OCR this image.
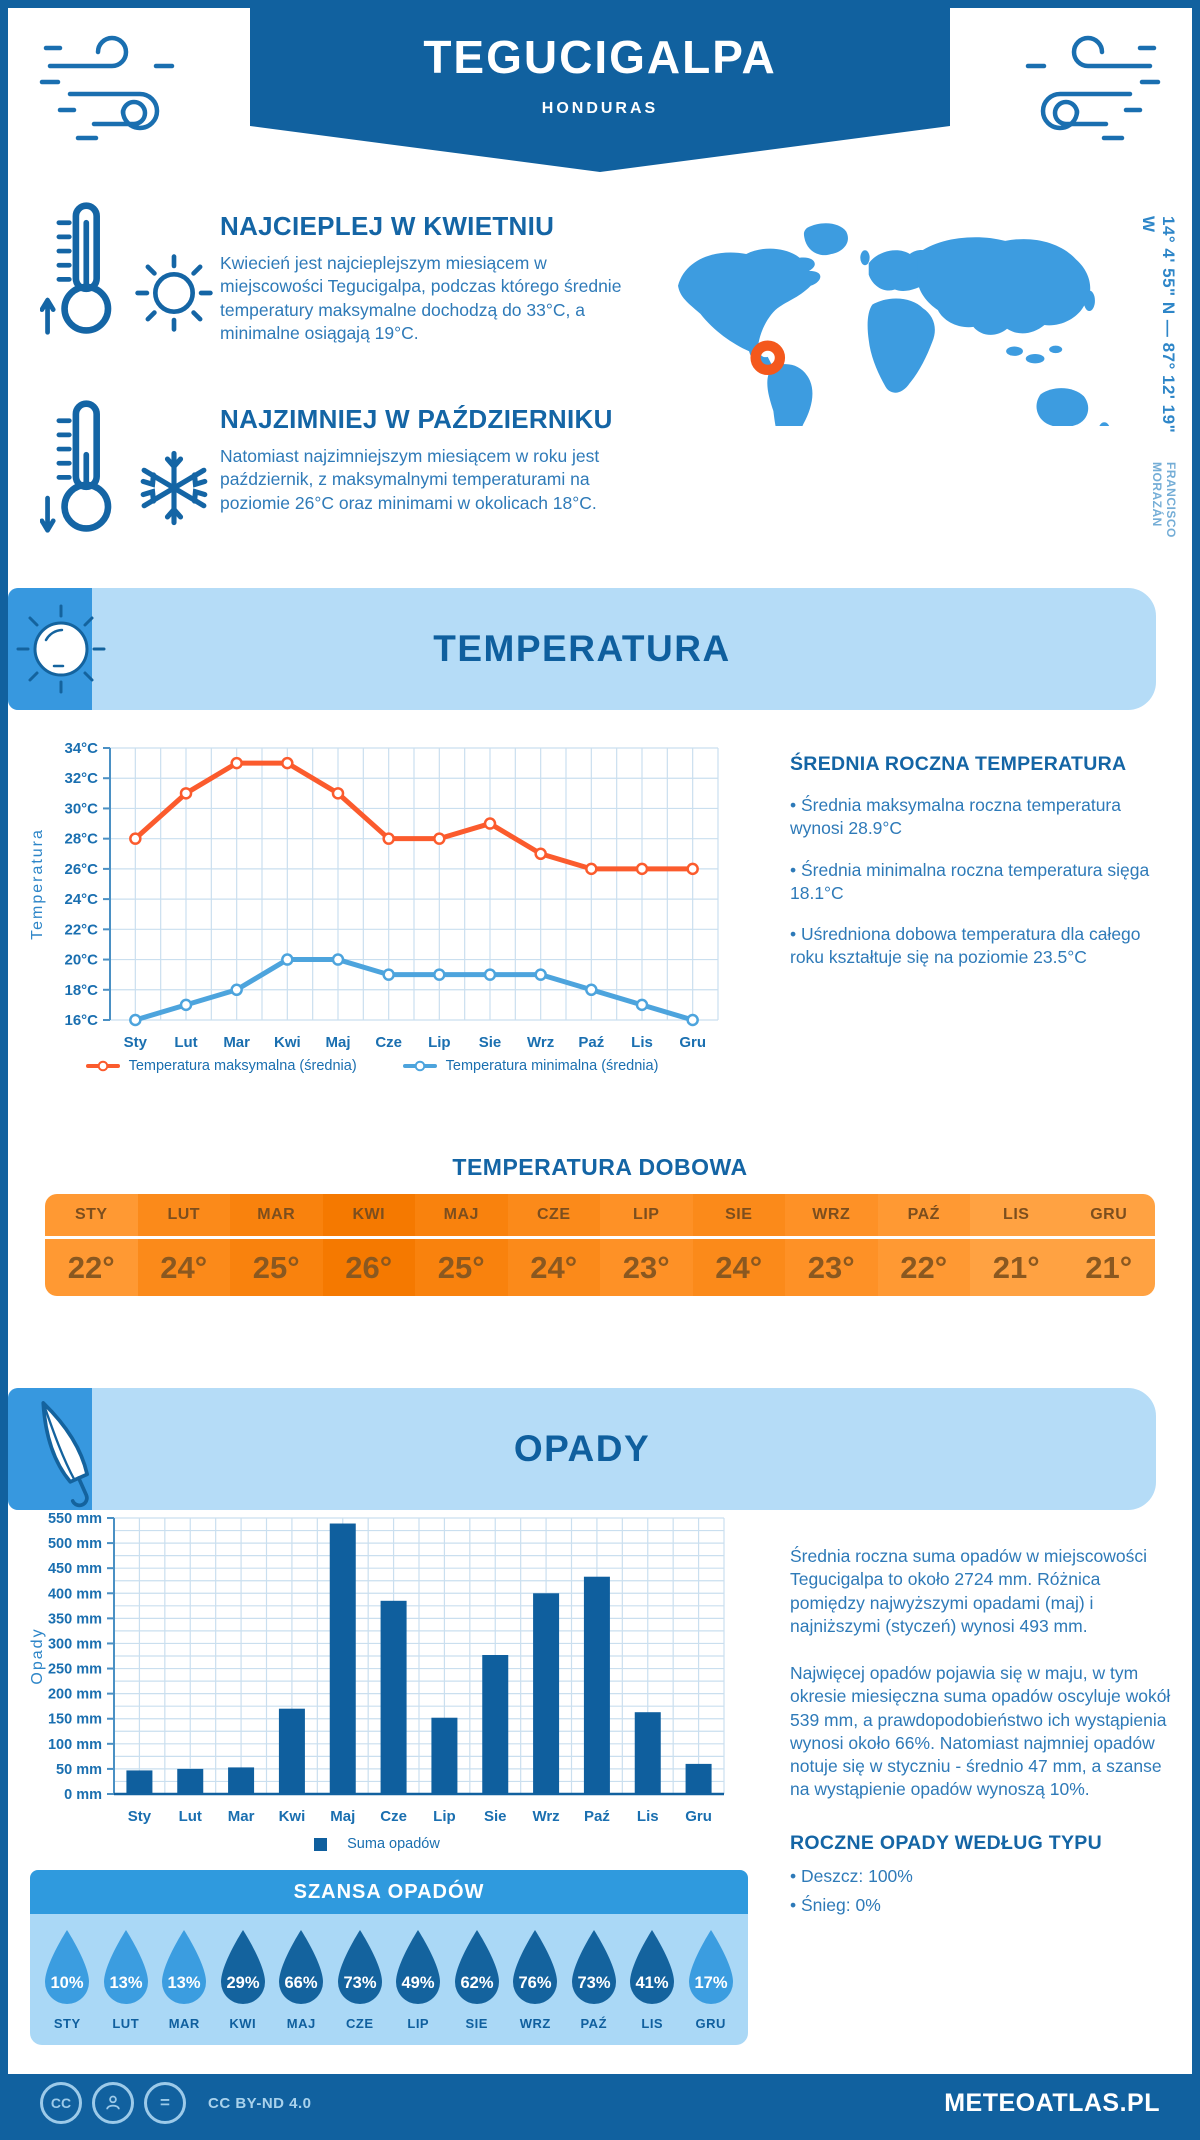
TEGUCIGALPA
HONDURAS
NAJCIEPLEJ W KWIETNIU
Kwiecień jest najcieplejszym miesiącem w miejscowości Tegucigalpa, podczas którego średnie temperatury maksymalne dochodzą do 33°C, a minimalne osiągają 19°C.
NAJZIMNIEJ W PAŹDZIERNIKU
Natomiast najzimniejszym miesiącem w roku jest październik, z maksymalnymi temperaturami na poziomie 26°C oraz minimami w okolicach 18°C.
14° 4' 55" N — 87° 12' 19" W
FRANCISCO MORAZÁN
TEMPERATURA
16°C
18°C
20°C
22°C
24°C
26°C
28°C
30°C
32°C
34°C
Sty Lut Mar Kwi Maj Cze Lip Sie Wrz Paź Lis Gru
Temperatura
Temperatura maksymalna (średnia)	Temperatura minimalna (średnia)
ŚREDNIA ROCZNA TEMPERATURA

• Średnia maksymalna roczna temperatura wynosi 28.9°C

• Średnia minimalna roczna temperatura sięga 18.1°C

• Uśredniona dobowa temperatura dla całego roku kształtuje się na poziomie 23.5°C

TEMPERATURA DOBOWA
STY
22°
LUT
24°
MAR
25°
KWI
26°
MAJ
25°
CZE
24°
LIP
23°
SIE
24°
WRZ
23°
PAŹ
22°
LIS
21°
GRU
21°
OPADY
0 mm
50 mm
100 mm
150 mm
200 mm
250 mm
300 mm
350 mm
400 mm
450 mm
500 mm
550 mm
Sty Lut Mar Kwi Maj Cze Lip Sie Wrz Paź Lis Gru
Opady
Suma opadów

Średnia roczna suma opadów w miejscowości Tegucigalpa to około 2724 mm. Różnica pomiędzy najwyższymi opadami (maj) i najniższymi (styczeń) wynosi 493 mm.

Najwięcej opadów pojawia się w maju, w tym okresie miesięczna suma opadów oscyluje wokół 539 mm, a prawdopodobieństwo ich wystąpienia wynosi około 66%. Natomiast najmniej opadów notuje się w styczniu - średnio 47 mm, a szanse na wystąpienie opadów wynoszą 10%.

ROCZNE OPADY WEDŁUG TYPU

• Deszcz: 100%

• Śnieg: 0%

SZANSA OPADÓW
10%
STY
13%
LUT
13%
MAR
29%
KWI
66%
MAJ
73%
CZE
49%
LIP
62%
SIE
76%
WRZ
73%
PAŹ
41%
LIS
17%
GRU
CC	=	CC BY-ND 4.0	METEOATLAS.PL
